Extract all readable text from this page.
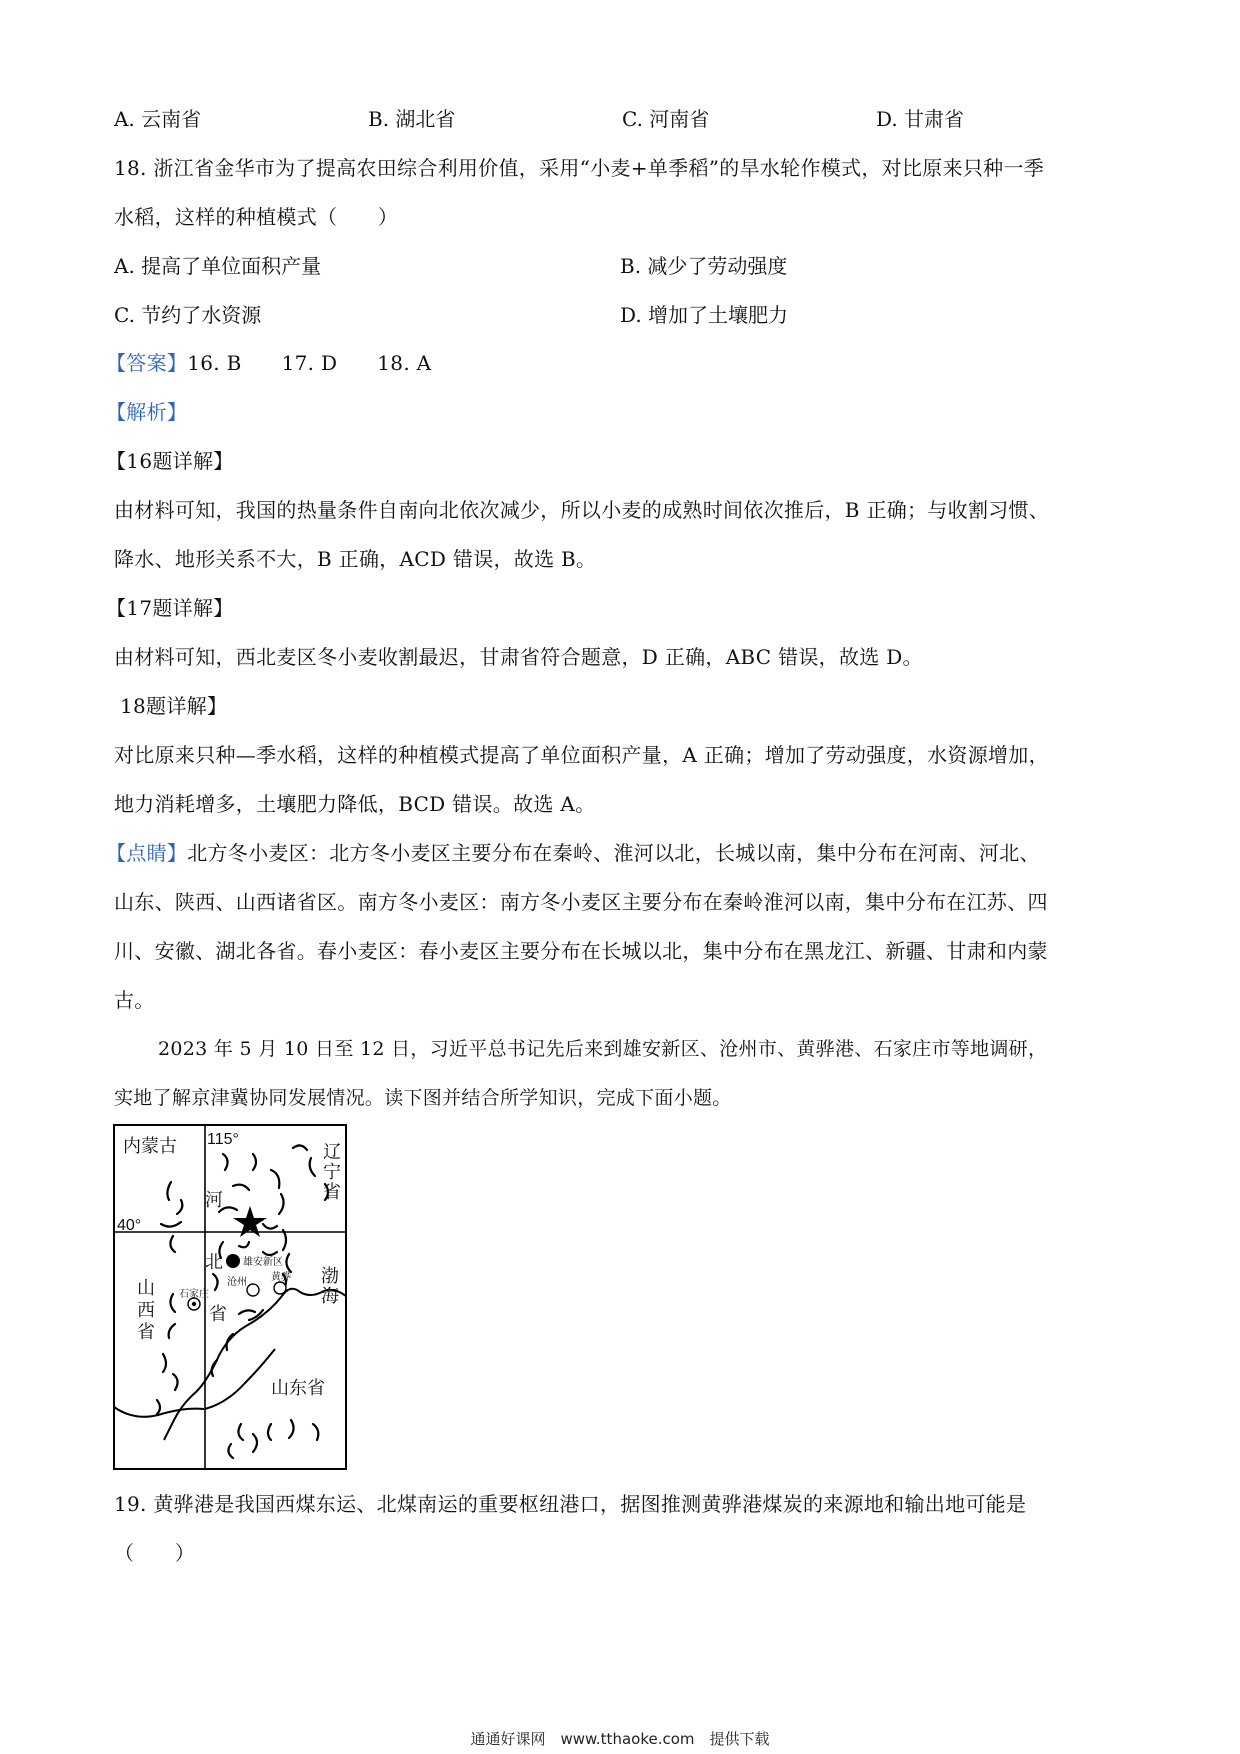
A. 云南省	B. 湖北省	C. 河南省	D. 甘肃省
18. 浙江省金华市为了提高农田综合利用价值，采用“小麦+单季稻”的旱水轮作模式，对比原来只种一季
水稻，这样的种植模式（　　）
A. 提高了单位面积产量	B. 减少了劳动强度
C. 节约了水资源	D. 增加了土壤肥力
【答案】16. B 17. D 18. A
【解析】
【16题详解】
由材料可知，我国的热量条件自南向北依次减少，所以小麦的成熟时间依次推后，B 正确；与收割习惯、
降水、地形关系不大，B 正确，ACD 错误，故选 B。
【17题详解】
由材料可知，西北麦区冬小麦收割最迟，甘肃省符合题意，D 正确，ABC 错误，故选 D。
18题详解】
对比原来只种—季水稻，这样的种植模式提高了单位面积产量，A 正确；增加了劳动强度，水资源增加，
地力消耗增多，土壤肥力降低，BCD 错误。故选 A。
【点睛】北方冬小麦区：北方冬小麦区主要分布在秦岭、淮河以北，长城以南，集中分布在河南、河北、
山东、陕西、山西诸省区。南方冬小麦区：南方冬小麦区主要分布在秦岭淮河以南，集中分布在江苏、四
川、安徽、湖北各省。春小麦区：春小麦区主要分布在长城以北，集中分布在黑龙江、新疆、甘肃和内蒙
古。
2023 年 5 月 10 日至 12 日，习近平总书记先后来到雄安新区、沧州市、黄骅港、石家庄市等地调研，
实地了解京津冀协同发展情况。读下图并结合所学知识，完成下面小题。
内蒙古 115°
40°
河
北
省
雄安新区
沧州 黄骅
石家庄
山东省
辽宁省
渤海
山西省
19. 黄骅港是我国西煤东运、北煤南运的重要枢纽港口，据图推测黄骅港煤炭的来源地和输出地可能是
（　　）
通通好课网　www.tthaoke.com　提供下载
